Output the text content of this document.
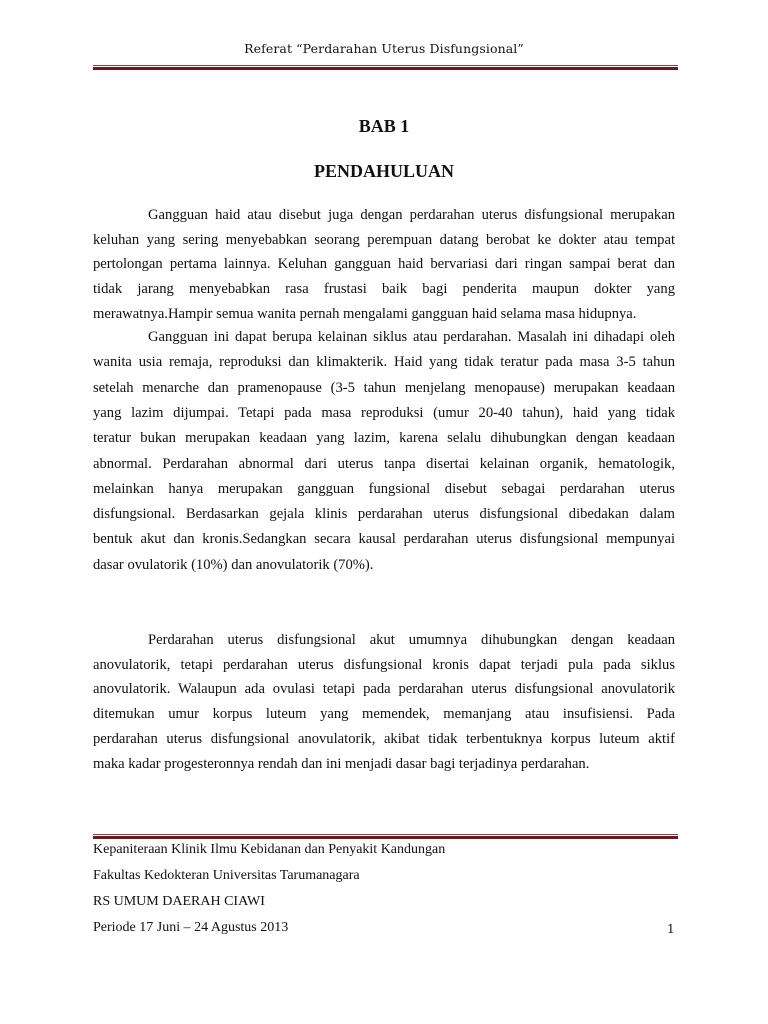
Referat “Perdarahan Uterus Disfungsional”
BAB 1
PENDAHULUAN
Gangguan haid atau disebut juga dengan perdarahan uterus disfungsional merupakan
keluhan yang sering menyebabkan seorang perempuan datang berobat ke dokter atau tempat
pertolongan pertama lainnya. Keluhan gangguan haid bervariasi dari ringan sampai berat dan
tidak jarang menyebabkan rasa frustasi baik bagi penderita maupun dokter yang
merawatnya.Hampir semua wanita pernah mengalami gangguan haid selama masa hidupnya.
Gangguan ini dapat berupa kelainan siklus atau perdarahan. Masalah ini dihadapi oleh
wanita usia remaja, reproduksi dan klimakterik. Haid yang tidak teratur pada masa 3-5 tahun
setelah menarche dan pramenopause (3-5 tahun menjelang menopause) merupakan keadaan
yang lazim dijumpai. Tetapi pada masa reproduksi (umur 20-40 tahun), haid yang tidak
teratur bukan merupakan keadaan yang lazim, karena selalu dihubungkan dengan keadaan
abnormal. Perdarahan abnormal dari uterus tanpa disertai kelainan organik, hematologik,
melainkan hanya merupakan gangguan fungsional disebut sebagai perdarahan uterus
disfungsional. Berdasarkan gejala klinis perdarahan uterus disfungsional dibedakan dalam
bentuk akut dan kronis.Sedangkan secara kausal perdarahan uterus disfungsional mempunyai
dasar ovulatorik (10%) dan anovulatorik (70%).
Perdarahan uterus disfungsional akut umumnya dihubungkan dengan keadaan
anovulatorik, tetapi perdarahan uterus disfungsional kronis dapat terjadi pula pada siklus
anovulatorik. Walaupun ada ovulasi tetapi pada perdarahan uterus disfungsional anovulatorik
ditemukan umur korpus luteum yang memendek, memanjang atau insufisiensi. Pada
perdarahan uterus disfungsional anovulatorik, akibat tidak terbentuknya korpus luteum aktif
maka kadar progesteronnya rendah dan ini menjadi dasar bagi terjadinya perdarahan.
Kepaniteraan Klinik Ilmu Kebidanan dan Penyakit Kandungan
Fakultas Kedokteran Universitas Tarumanagara
RS UMUM DAERAH CIAWI
Periode 17 Juni – 24 Agustus 2013	1
